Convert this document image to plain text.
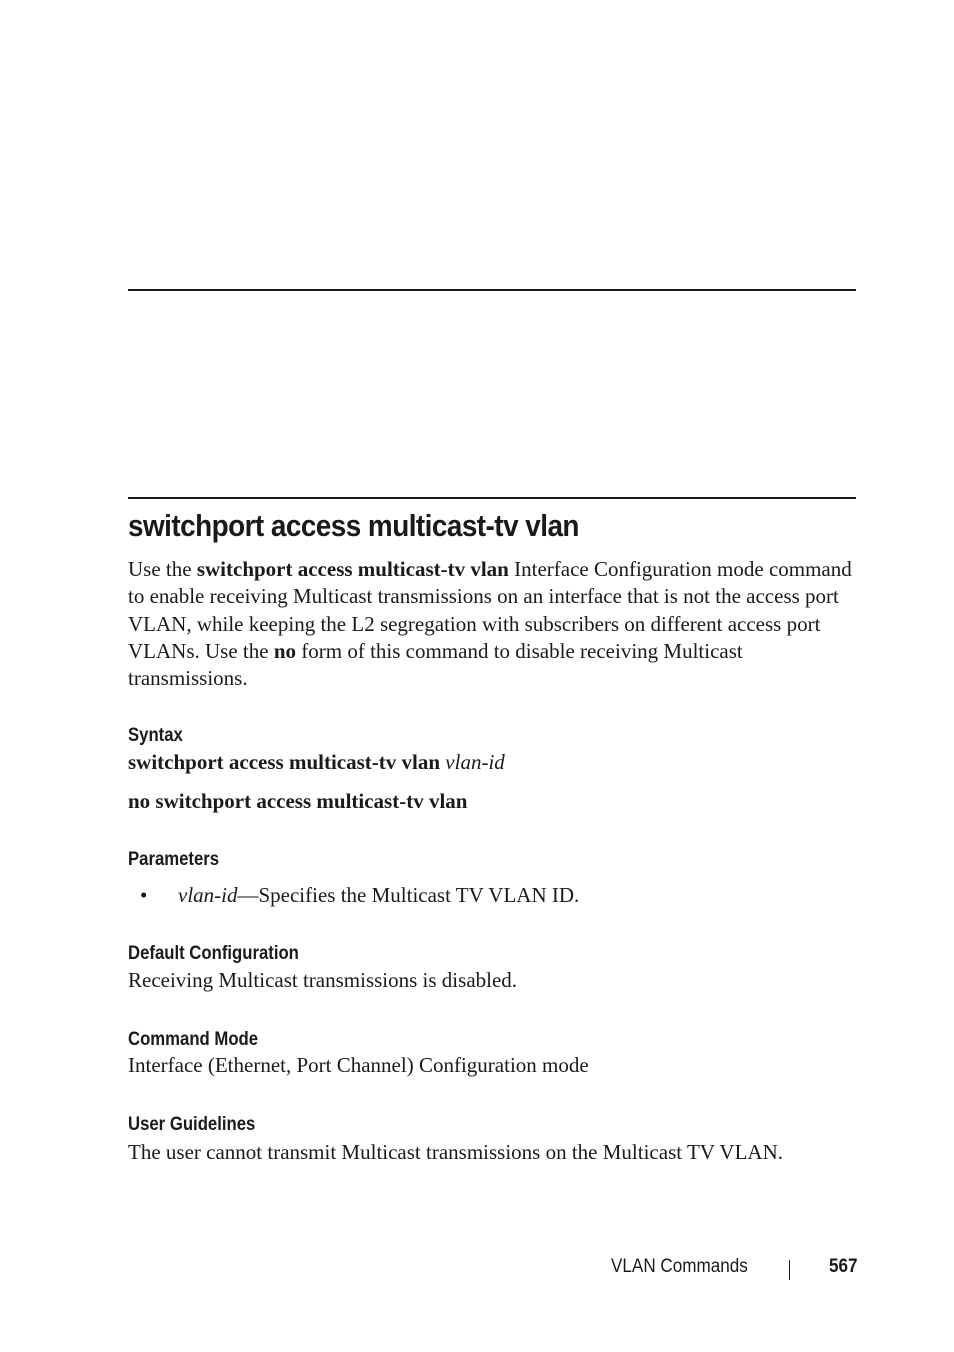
switchport access multicast-tv vlan

Use the switchport access multicast-tv vlan Interface Configuration mode command to enable receiving Multicast transmissions on an interface that is not the access port VLAN, while keeping the L2 segregation with subscribers on different access port VLANs. Use the no form of this command to disable receiving Multicast transmissions.

Syntax

switchport access multicast-tv vlan vlan-id

no switchport access multicast-tv vlan

Parameters
• vlan-id—Specifies the Multicast TV VLAN ID.
Default Configuration

Receiving Multicast transmissions is disabled.

Command Mode

Interface (Ethernet, Port Channel) Configuration mode

User Guidelines

The user cannot transmit Multicast transmissions on the Multicast TV VLAN.

VLAN Commands	567
